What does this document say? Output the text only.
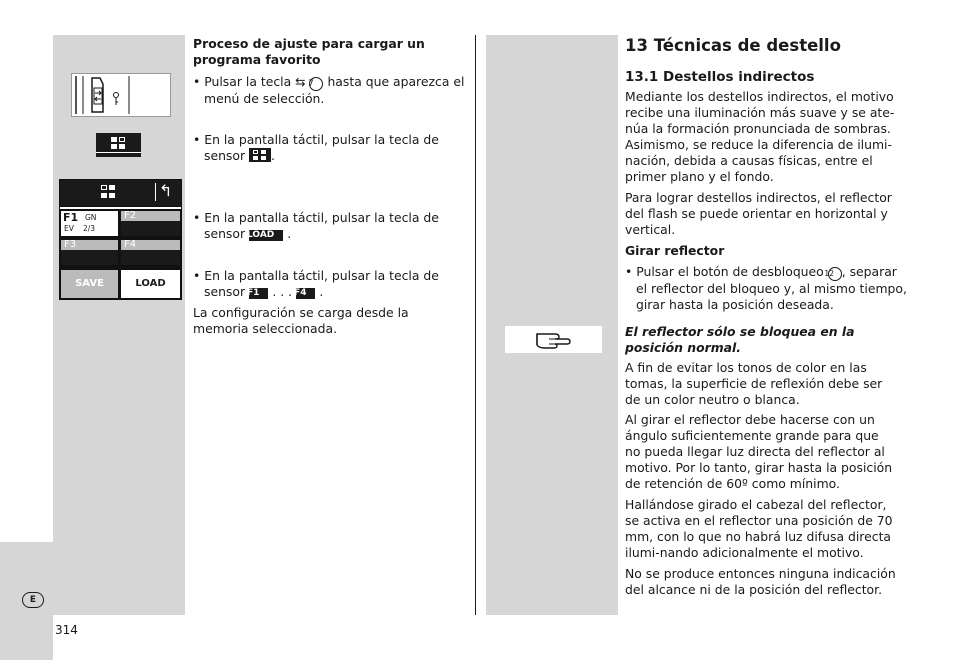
↰
F1 GN
EV 2/3
F2
F3	F4
SAVE	LOAD
E
314
Proceso de ajuste para cargar un programa favorito
• Pulsar la tecla ⇆ 7 hasta que aparezca el menú de selección.
• En la pantalla táctil, pulsar la tecla de sensor .
• En la pantalla táctil, pulsar la tecla de sensor LOAD .
• En la pantalla táctil, pulsar la tecla de sensor F1 . . . F4 .
La configuración se carga desde la memoria seleccionada.
13 Técnicas de destello
13.1 Destellos indirectos
Mediante los destellos indirectos, el motivo recibe una iluminación más suave y se ate-núa la formación pronunciada de sombras. Asimismo, se reduce la diferencia de ilumi-nación, debida a causas físicas, entre el primer plano y el fondo.
Para lograr destellos indirectos, el reflector del flash se puede orientar en horizontal y vertical.
Girar reflector
• Pulsar el botón de desbloqueo 12 , separar el reflector del bloqueo y, al mismo tiempo, girar hasta la posición deseada.
El reflector sólo se bloquea en la posición normal.
A fin de evitar los tonos de color en las tomas, la superficie de reflexión debe ser de un color neutro o blanca.
Al girar el reflector debe hacerse con un ángulo suficientemente grande para que no pueda llegar luz directa del reflector al motivo. Por lo tanto, girar hasta la posición de retención de 60º como mínimo.
Hallándose girado el cabezal del reflector, se activa en el reflector una posición de 70 mm, con lo que no habrá luz difusa directa ilumi-nando adicionalmente el motivo.
No se produce entonces ninguna indicación del alcance ni de la posición del reflector.
